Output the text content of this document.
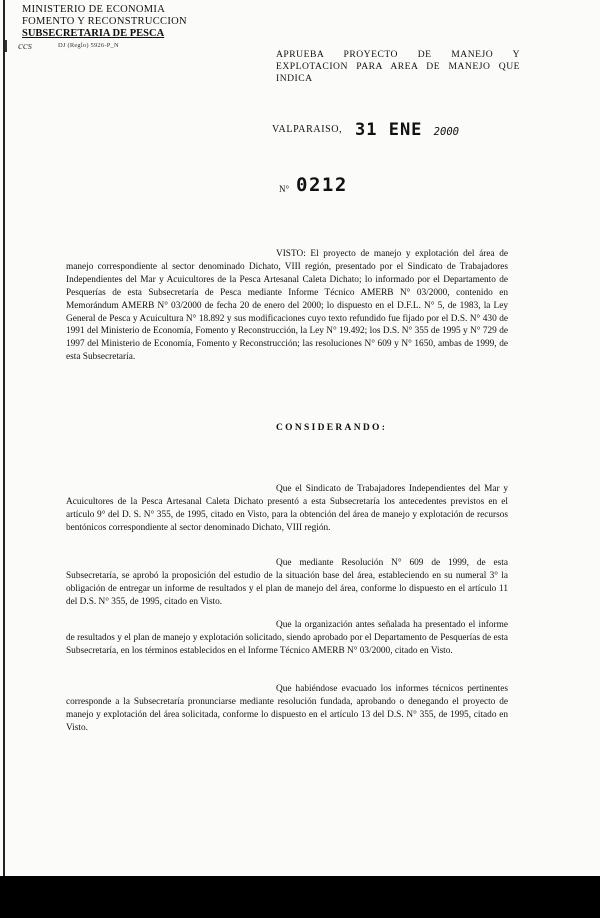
MINISTERIO DE ECONOMIA
FOMENTO Y RECONSTRUCCION
SUBSECRETARIA DE PESCA
DJ (Reglo) 5926-P_N
ccs
APRUEBA PROYECTO DE MANEJO Y EXPLOTACION PARA AREA DE MANEJO QUE INDICA
VALPARAISO, 31 ENE 2000
N° 0212
VISTO: El proyecto de manejo y explotación del área de manejo correspondiente al sector denominado Dichato, VIII región, presentado por el Sindicato de Trabajadores Independientes del Mar y Acuicultores de la Pesca Artesanal Caleta Dichato; lo informado por el Departamento de Pesquerías de esta Subsecretaría de Pesca mediante Informe Técnico AMERB N° 03/2000, contenido en Memorándum AMERB N° 03/2000 de fecha 20 de enero del 2000; lo dispuesto en el D.F.L. N° 5, de 1983, la Ley General de Pesca y Acuicultura N° 18.892 y sus modificaciones cuyo texto refundido fue fijado por el D.S. N° 430 de 1991 del Ministerio de Economía, Fomento y Reconstrucción, la Ley N° 19.492; los D.S. N° 355 de 1995 y N° 729 de 1997 del Ministerio de Economía, Fomento y Reconstrucción; las resoluciones N° 609 y N° 1650, ambas de 1999, de esta Subsecretaría.
CONSIDERANDO:
Que el Sindicato de Trabajadores Independientes del Mar y Acuicultores de la Pesca Artesanal Caleta Dichato presentó a esta Subsecretaría los antecedentes previstos en el artículo 9° del D. S. N° 355, de 1995, citado en Visto, para la obtención del área de manejo y explotación de recursos bentónicos correspondiente al sector denominado Dichato, VIII región.
Que mediante Resolución N° 609 de 1999, de esta Subsecretaría, se aprobó la proposición del estudio de la situación base del área, estableciendo en su numeral 3° la obligación de entregar un informe de resultados y el plan de manejo del área, conforme lo dispuesto en el artículo 11 del D.S. N° 355, de 1995, citado en Visto.
Que la organización antes señalada ha presentado el informe de resultados y el plan de manejo y explotación solicitado, siendo aprobado por el Departamento de Pesquerías de esta Subsecretaría, en los términos establecidos en el Informe Técnico AMERB N° 03/2000, citado en Visto.
Que habiéndose evacuado los informes técnicos pertinentes corresponde a la Subsecretaría pronunciarse mediante resolución fundada, aprobando o denegando el proyecto de manejo y explotación del área solicitada, conforme lo dispuesto en el artículo 13 del D.S. N° 355, de 1995, citado en Visto.
